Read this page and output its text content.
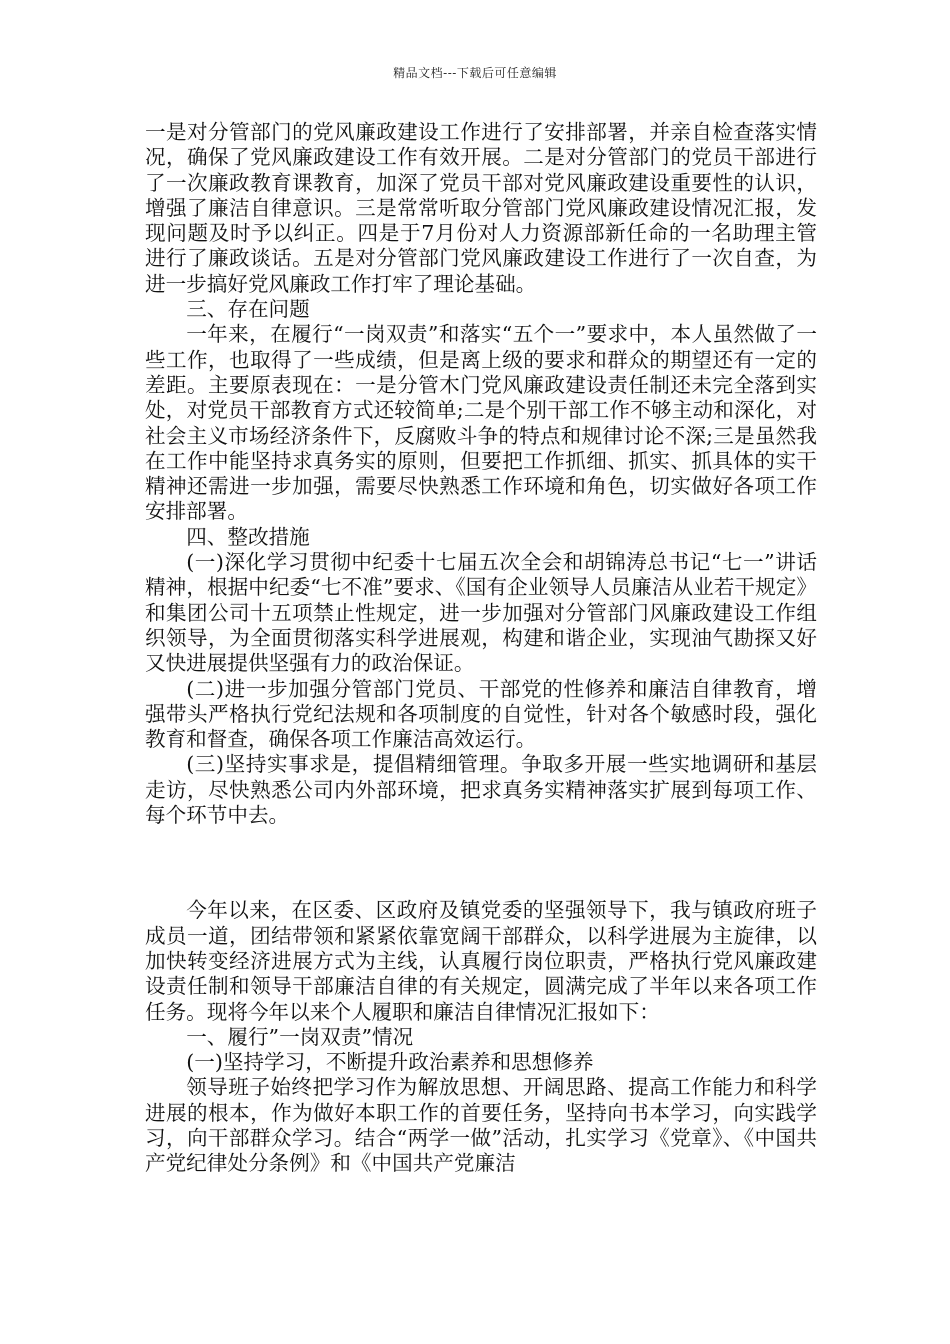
精品文档---下载后可任意编辑

一是对分管部门的党风廉政建设工作进行了安排部署，并亲自检查落实情况，确保了党风廉政建设工作有效开展。二是对分管部门的党员干部进行了一次廉政教育课教育，加深了党员干部对党风廉政建设重要性的认识，增强了廉洁自律意识。三是常常听取分管部门党风廉政建设情况汇报，发现问题及时予以纠正。四是于7月份对人力资源部新任命的一名助理主管进行了廉政谈话。五是对分管部门党风廉政建设工作进行了一次自查，为进一步搞好党风廉政工作打牢了理论基础。

三、存在问题

一年来，在履行“一岗双责”和落实“五个一”要求中，本人虽然做了一些工作，也取得了一些成绩，但是离上级的要求和群众的期望还有一定的差距。主要原表现在：一是分管木门党风廉政建设责任制还未完全落到实处，对党员干部教育方式还较简单;二是个别干部工作不够主动和深化，对社会主义市场经济条件下，反腐败斗争的特点和规律讨论不深;三是虽然我在工作中能坚持求真务实的原则，但要把工作抓细、抓实、抓具体的实干精神还需进一步加强，需要尽快熟悉工作环境和角色，切实做好各项工作安排部署。

四、整改措施

(一)深化学习贯彻中纪委十七届五次全会和胡锦涛总书记“七一”讲话精神，根据中纪委“七不准”要求、《国有企业领导人员廉洁从业若干规定》和集团公司十五项禁止性规定，进一步加强对分管部门风廉政建设工作组织领导，为全面贯彻落实科学进展观，构建和谐企业，实现油气勘探又好又快进展提供坚强有力的政治保证。

(二)进一步加强分管部门党员、干部党的性修养和廉洁自律教育，增强带头严格执行党纪法规和各项制度的自觉性，针对各个敏感时段，强化教育和督查，确保各项工作廉洁高效运行。

(三)坚持实事求是，提倡精细管理。争取多开展一些实地调研和基层走访，尽快熟悉公司内外部环境，把求真务实精神落实扩展到每项工作、每个环节中去。

今年以来，在区委、区政府及镇党委的坚强领导下，我与镇政府班子成员一道，团结带领和紧紧依靠宽阔干部群众，以科学进展为主旋律，以加快转变经济进展方式为主线，认真履行岗位职责，严格执行党风廉政建设责任制和领导干部廉洁自律的有关规定，圆满完成了半年以来各项工作任务。现将今年以来个人履职和廉洁自律情况汇报如下：

一、履行”一岗双责”情况

(一)坚持学习，不断提升政治素养和思想修养

领导班子始终把学习作为解放思想、开阔思路、提高工作能力和科学进展的根本，作为做好本职工作的首要任务，坚持向书本学习，向实践学习，向干部群众学习。结合“两学一做”活动，扎实学习《党章》、《中国共产党纪律处分条例》和《中国共产党廉洁
